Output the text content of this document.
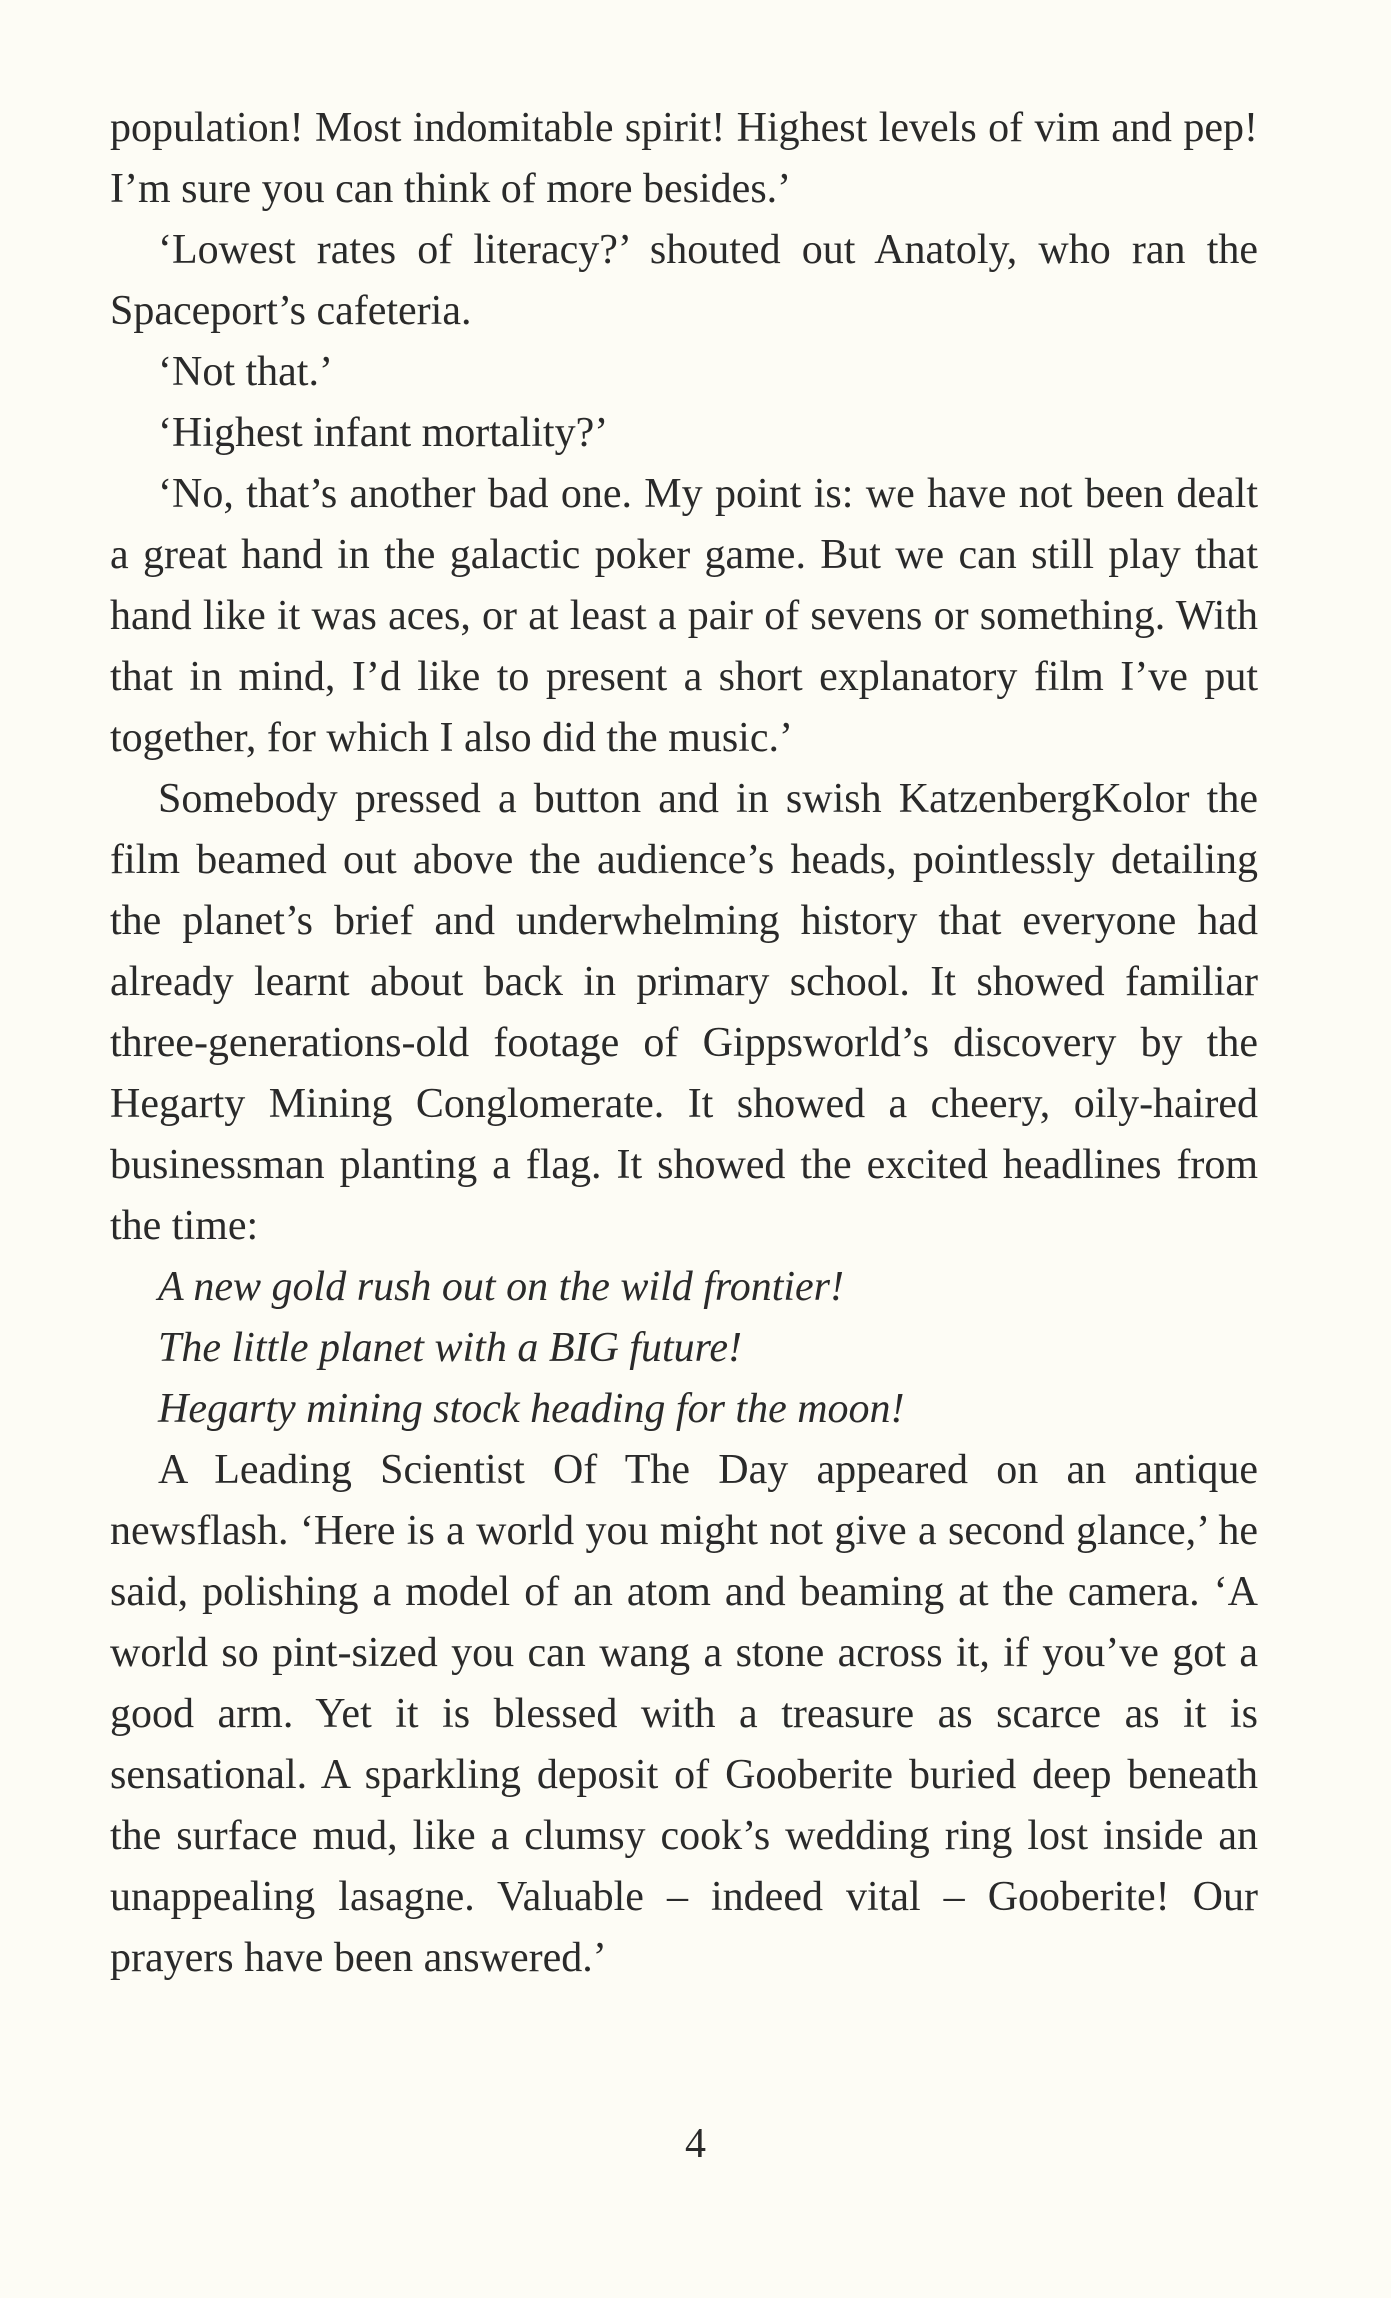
population! Most indomitable spirit! Highest levels of vim and pep! I’m sure you can think of more besides.’

‘Lowest rates of literacy?’ shouted out Anatoly, who ran the Spaceport’s cafeteria.

‘Not that.’

‘Highest infant mortality?’

‘No, that’s another bad one. My point is: we have not been dealt a great hand in the galactic poker game. But we can still play that hand like it was aces, or at least a pair of sevens or something. With that in mind, I’d like to present a short explanatory film I’ve put together, for which I also did the music.’

Somebody pressed a button and in swish KatzenbergKolor the film beamed out above the audience’s heads, pointlessly detailing the planet’s brief and underwhelming history that everyone had already learnt about back in primary school. It showed familiar three-generations-old footage of Gippsworld’s discovery by the Hegarty Mining Conglomerate. It showed a cheery, oily-haired businessman planting a flag. It showed the excited headlines from the time:

A new gold rush out on the wild frontier!

The little planet with a BIG future!

Hegarty mining stock heading for the moon!

A Leading Scientist Of The Day appeared on an antique newsflash. ‘Here is a world you might not give a second glance,’ he said, polishing a model of an atom and beaming at the camera. ‘A world so pint-sized you can wang a stone across it, if you’ve got a good arm. Yet it is blessed with a treasure as scarce as it is sensational. A sparkling deposit of Gooberite buried deep beneath the surface mud, like a clumsy cook’s wedding ring lost inside an unappealing lasagne. Valuable – indeed vital – Gooberite! Our prayers have been answered.’

4
